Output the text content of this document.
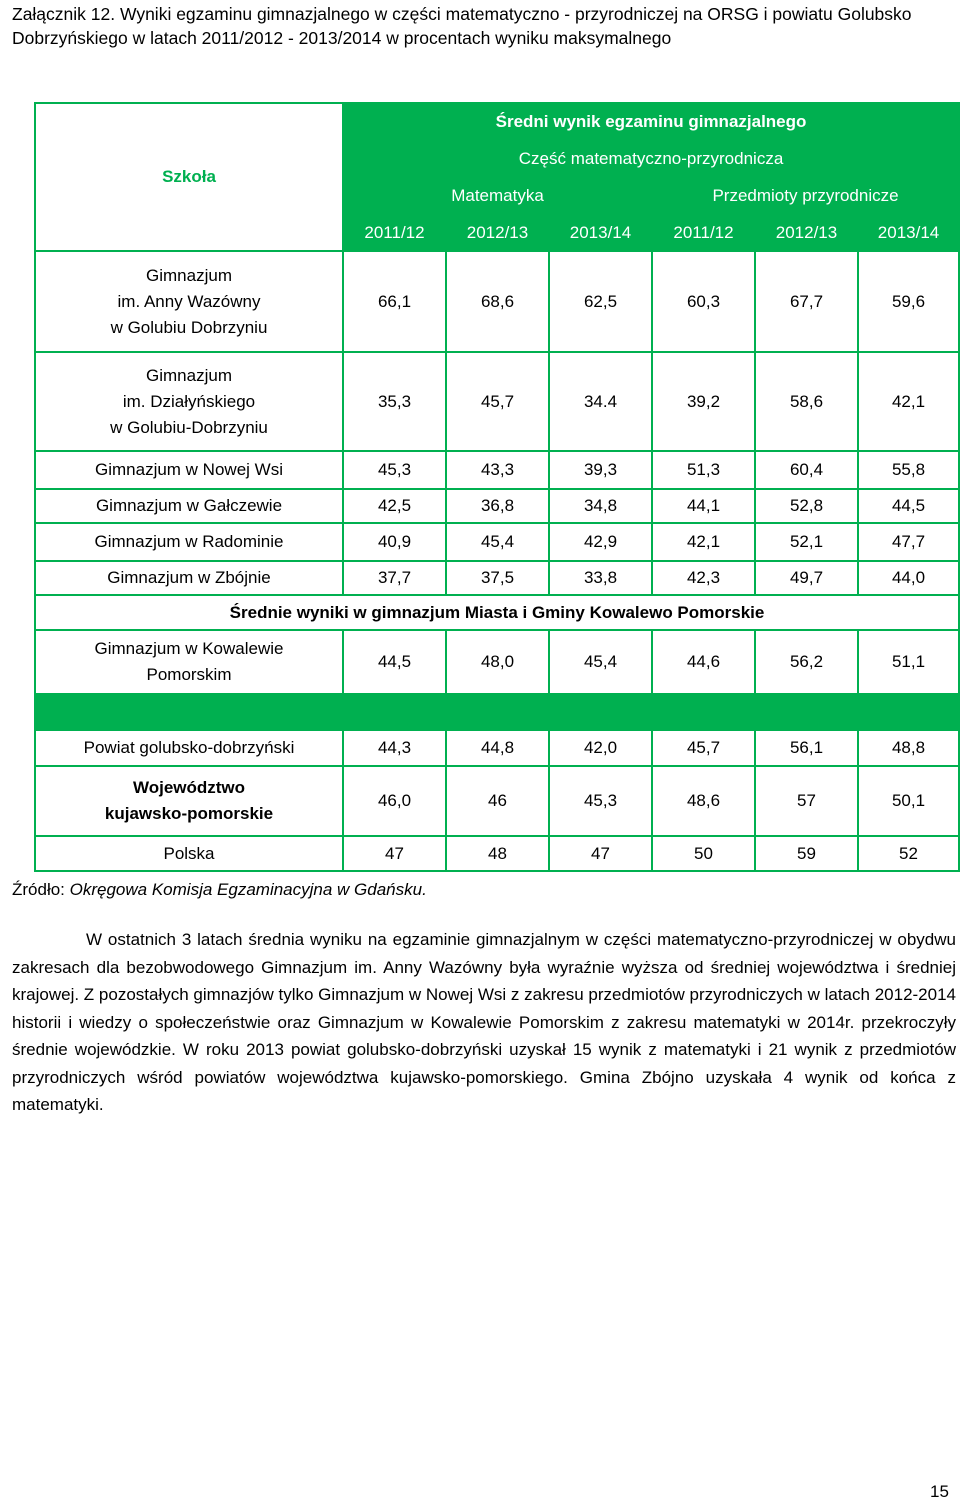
Załącznik 12. Wyniki egzaminu gimnazjalnego w części matematyczno - przyrodniczej na ORSG i powiatu Golubsko Dobrzyńskiego w latach 2011/2012 - 2013/2014 w procentach wyniku maksymalnego

Szkoła	Średni wynik egzaminu gimnazjalnego					
	Część matematyczno-przyrodnicza					
	Matematyka			Przedmioty przyrodnicze		
	2011/12	2012/13	2013/14	2011/12	2012/13	2013/14

Gimnazjum
im. Anny Wazówny
w Golubiu Dobrzyniu	66,1	68,6	62,5	60,3	67,7	59,6

Gimnazjum
im. Działyńskiego
w Golubiu-Dobrzyniu	35,3	45,7	34.4	39,2	58,6	42,1
Gimnazjum w Nowej Wsi	45,3	43,3	39,3	51,3	60,4	55,8
Gimnazjum w Gałczewie	42,5	36,8	34,8	44,1	52,8	44,5
Gimnazjum w Radominie	40,9	45,4	42,9	42,1	52,1	47,7
Gimnazjum w Zbójnie	37,7	37,5	33,8	42,3	49,7	44,0
Średnie wyniki w gimnazjum Miasta i Gminy Kowalewo Pomorskie						

Gimnazjum w Kowalewie
Pomorskim	44,5	48,0	45,4	44,6	56,2	51,1

Powiat golubsko-dobrzyński	44,3	44,8	42,0	45,7	56,1	48,8

Województwo
kujawsko-pomorskie	46,0	46	45,3	48,6	57	50,1
Polska	47	48	47	50	59	52

Źródło: Okręgowa Komisja Egzaminacyjna w Gdańsku.

W ostatnich 3 latach średnia wyniku na egzaminie gimnazjalnym w części matematyczno-przyrodniczej w obydwu zakresach dla bezobwodowego Gimnazjum im. Anny Wazówny była wyraźnie wyższa od średniej województwa i średniej krajowej. Z pozostałych gimnazjów tylko Gimnazjum w Nowej Wsi z zakresu przedmiotów przyrodniczych w latach 2012-2014 historii i wiedzy o społeczeństwie oraz Gimnazjum w Kowalewie Pomorskim z zakresu matematyki w 2014r. przekroczyły średnie wojewódzkie. W roku 2013 powiat golubsko-dobrzyński uzyskał 15 wynik z matematyki i 21 wynik z przedmiotów przyrodniczych wśród powiatów województwa kujawsko-pomorskiego. Gmina Zbójno uzyskała 4 wynik od końca z matematyki.

15
